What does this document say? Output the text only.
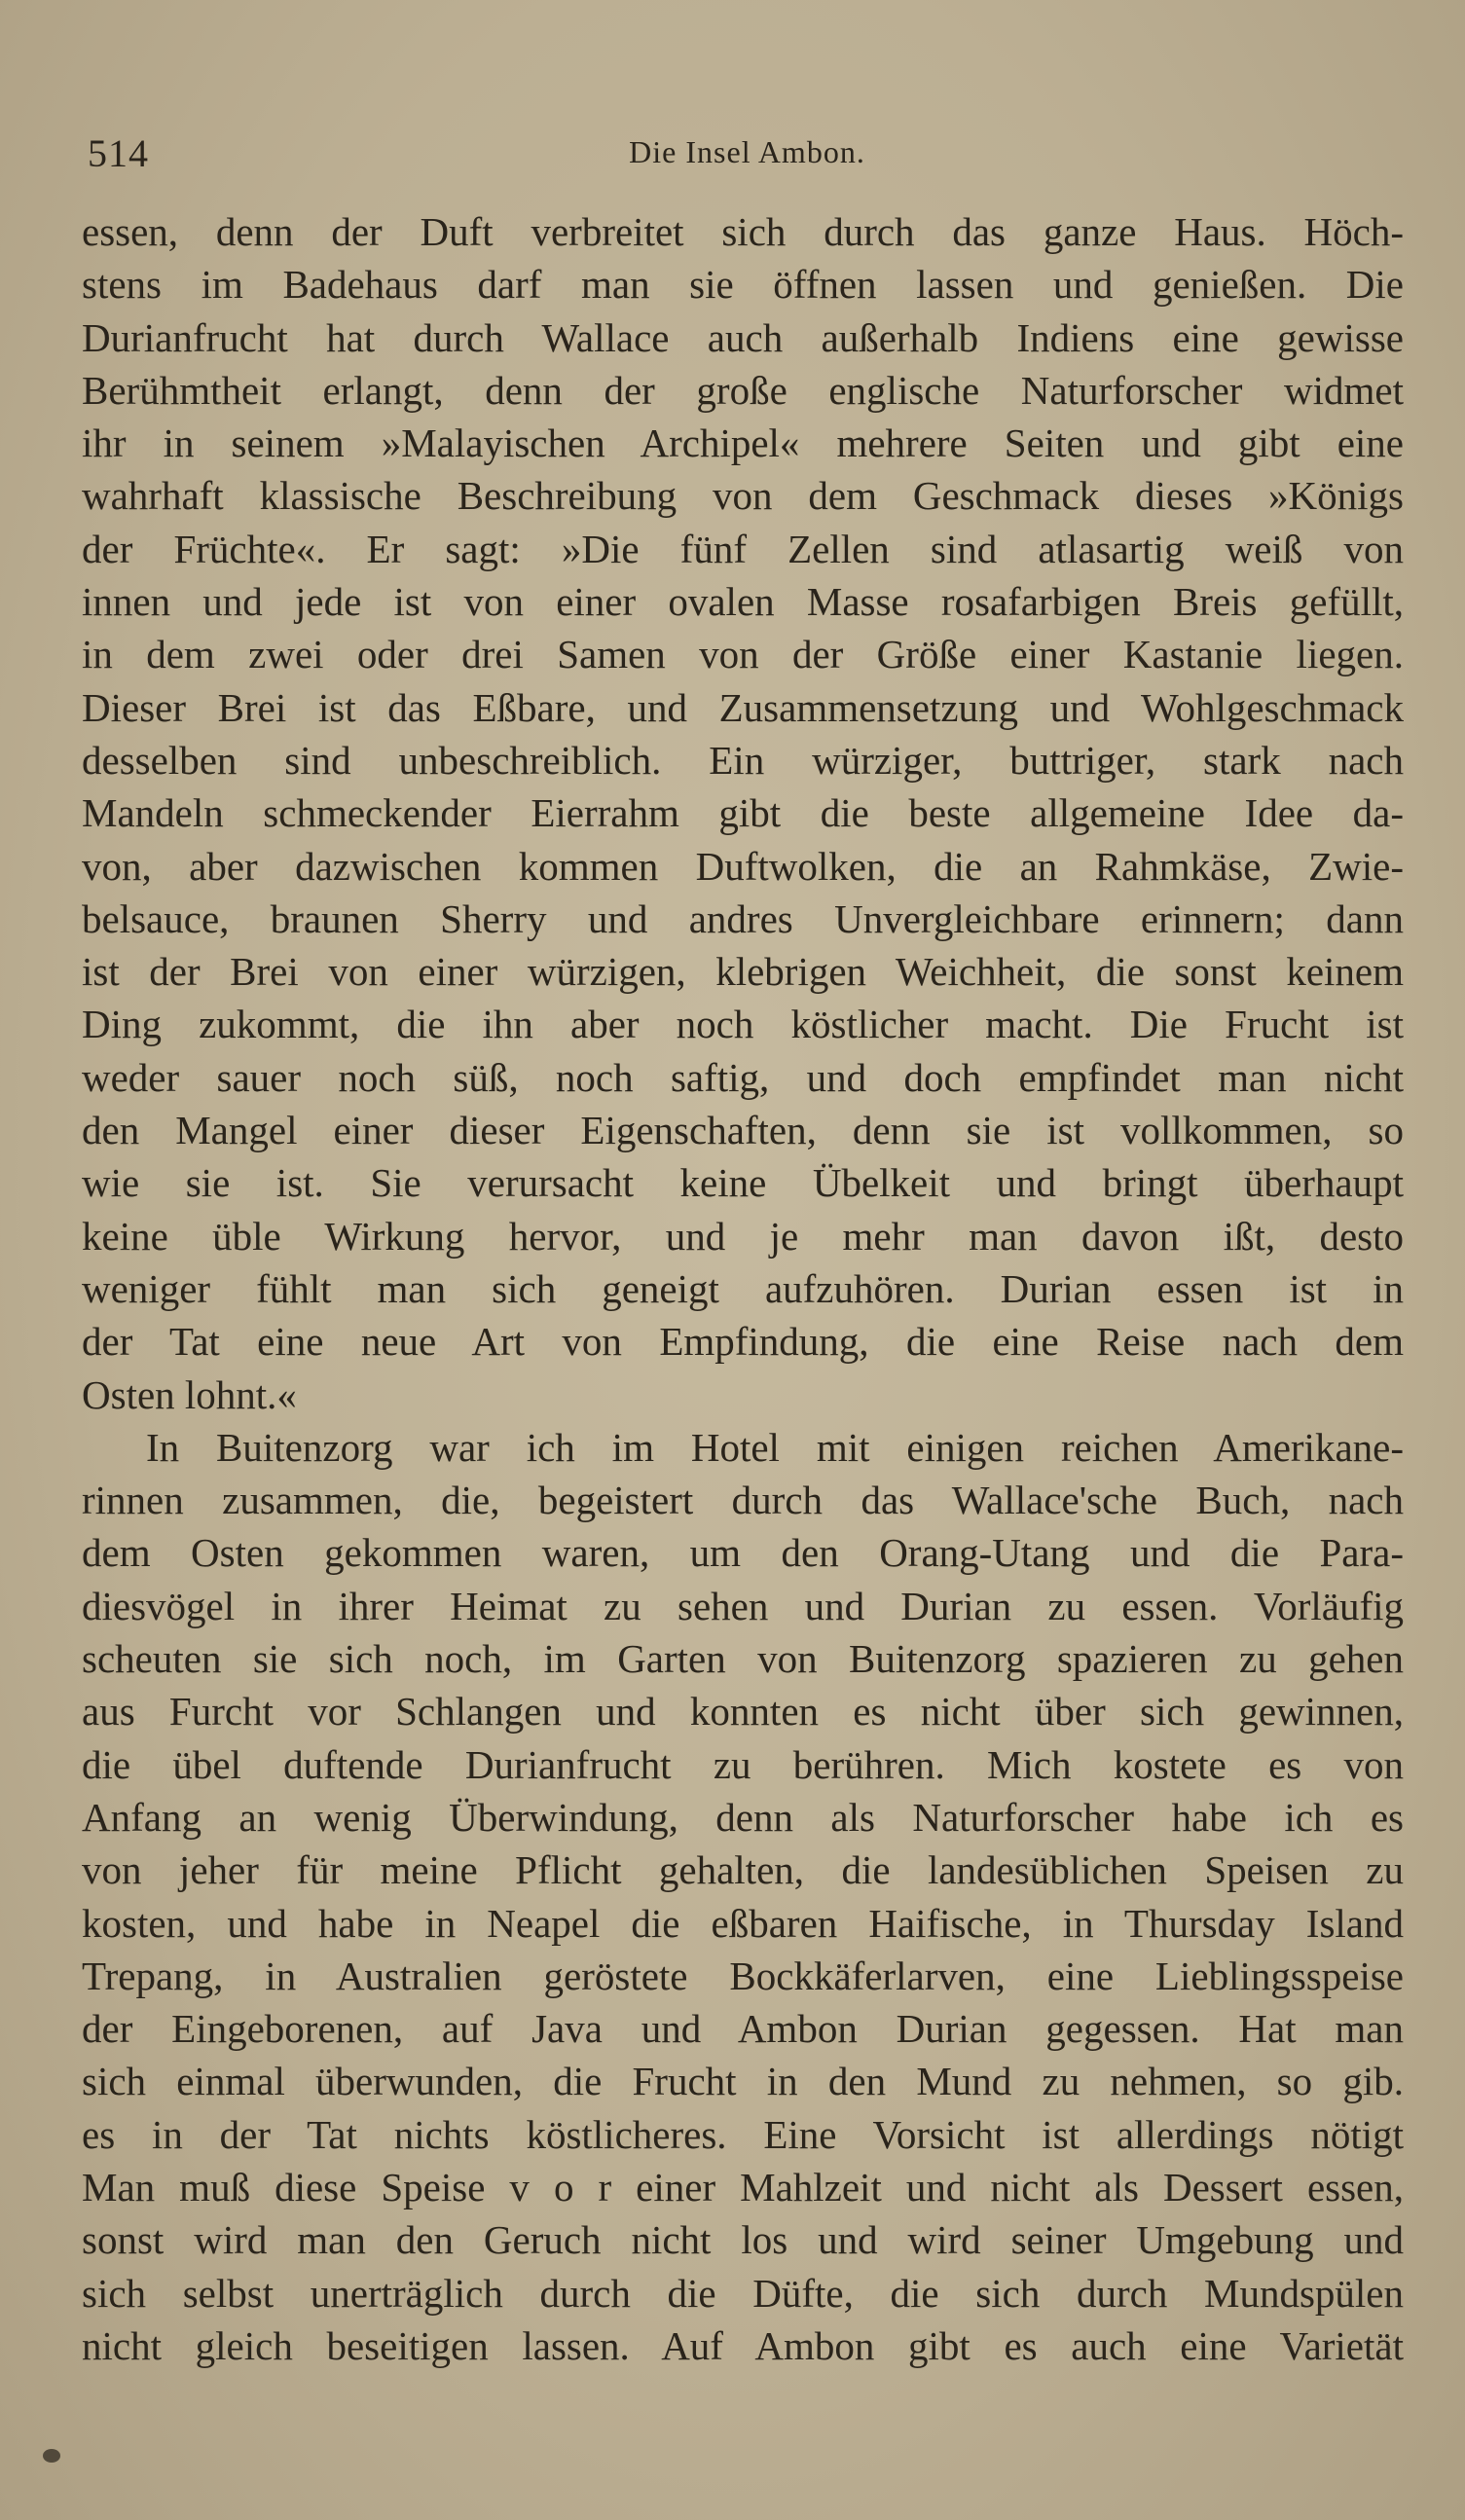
514	Die Insel Ambon.
essen, denn der Duft verbreitet sich durch das ganze Haus. Höch-
stens im Badehaus darf man sie öffnen lassen und genießen. Die
Durianfrucht hat durch Wallace auch außerhalb Indiens eine gewisse
Berühmtheit erlangt, denn der große englische Naturforscher widmet
ihr in seinem »Malayischen Archipel« mehrere Seiten und gibt eine
wahrhaft klassische Beschreibung von dem Geschmack dieses »Königs
der Früchte«. Er sagt: »Die fünf Zellen sind atlasartig weiß von
innen und jede ist von einer ovalen Masse rosafarbigen Breis gefüllt,
in dem zwei oder drei Samen von der Größe einer Kastanie liegen.
Dieser Brei ist das Eßbare, und Zusammensetzung und Wohlgeschmack
desselben sind unbeschreiblich. Ein würziger, buttriger, stark nach
Mandeln schmeckender Eierrahm gibt die beste allgemeine Idee da-
von, aber dazwischen kommen Duftwolken, die an Rahmkäse, Zwie-
belsauce, braunen Sherry und andres Unvergleichbare erinnern; dann
ist der Brei von einer würzigen, klebrigen Weichheit, die sonst keinem
Ding zukommt, die ihn aber noch köstlicher macht. Die Frucht ist
weder sauer noch süß, noch saftig, und doch empfindet man nicht
den Mangel einer dieser Eigenschaften, denn sie ist vollkommen, so
wie sie ist. Sie verursacht keine Übelkeit und bringt überhaupt
keine üble Wirkung hervor, und je mehr man davon ißt, desto
weniger fühlt man sich geneigt aufzuhören. Durian essen ist in
der Tat eine neue Art von Empfindung, die eine Reise nach dem
Osten lohnt.«
In Buitenzorg war ich im Hotel mit einigen reichen Amerikane-
rinnen zusammen, die, begeistert durch das Wallace'sche Buch, nach
dem Osten gekommen waren, um den Orang-Utang und die Para-
diesvögel in ihrer Heimat zu sehen und Durian zu essen. Vorläufig
scheuten sie sich noch, im Garten von Buitenzorg spazieren zu gehen
aus Furcht vor Schlangen und konnten es nicht über sich gewinnen,
die übel duftende Durianfrucht zu berühren. Mich kostete es von
Anfang an wenig Überwindung, denn als Naturforscher habe ich es
von jeher für meine Pflicht gehalten, die landesüblichen Speisen zu
kosten, und habe in Neapel die eßbaren Haifische, in Thursday Island
Trepang, in Australien geröstete Bockkäferlarven, eine Lieblingsspeise
der Eingeborenen, auf Java und Ambon Durian gegessen. Hat man
sich einmal überwunden, die Frucht in den Mund zu nehmen, so gib.
es in der Tat nichts köstlicheres. Eine Vorsicht ist allerdings nötigt
Man muß diese Speise v o r einer Mahlzeit und nicht als Dessert essen,
sonst wird man den Geruch nicht los und wird seiner Umgebung und
sich selbst unerträglich durch die Düfte, die sich durch Mundspülen
nicht gleich beseitigen lassen. Auf Ambon gibt es auch eine Varietät
